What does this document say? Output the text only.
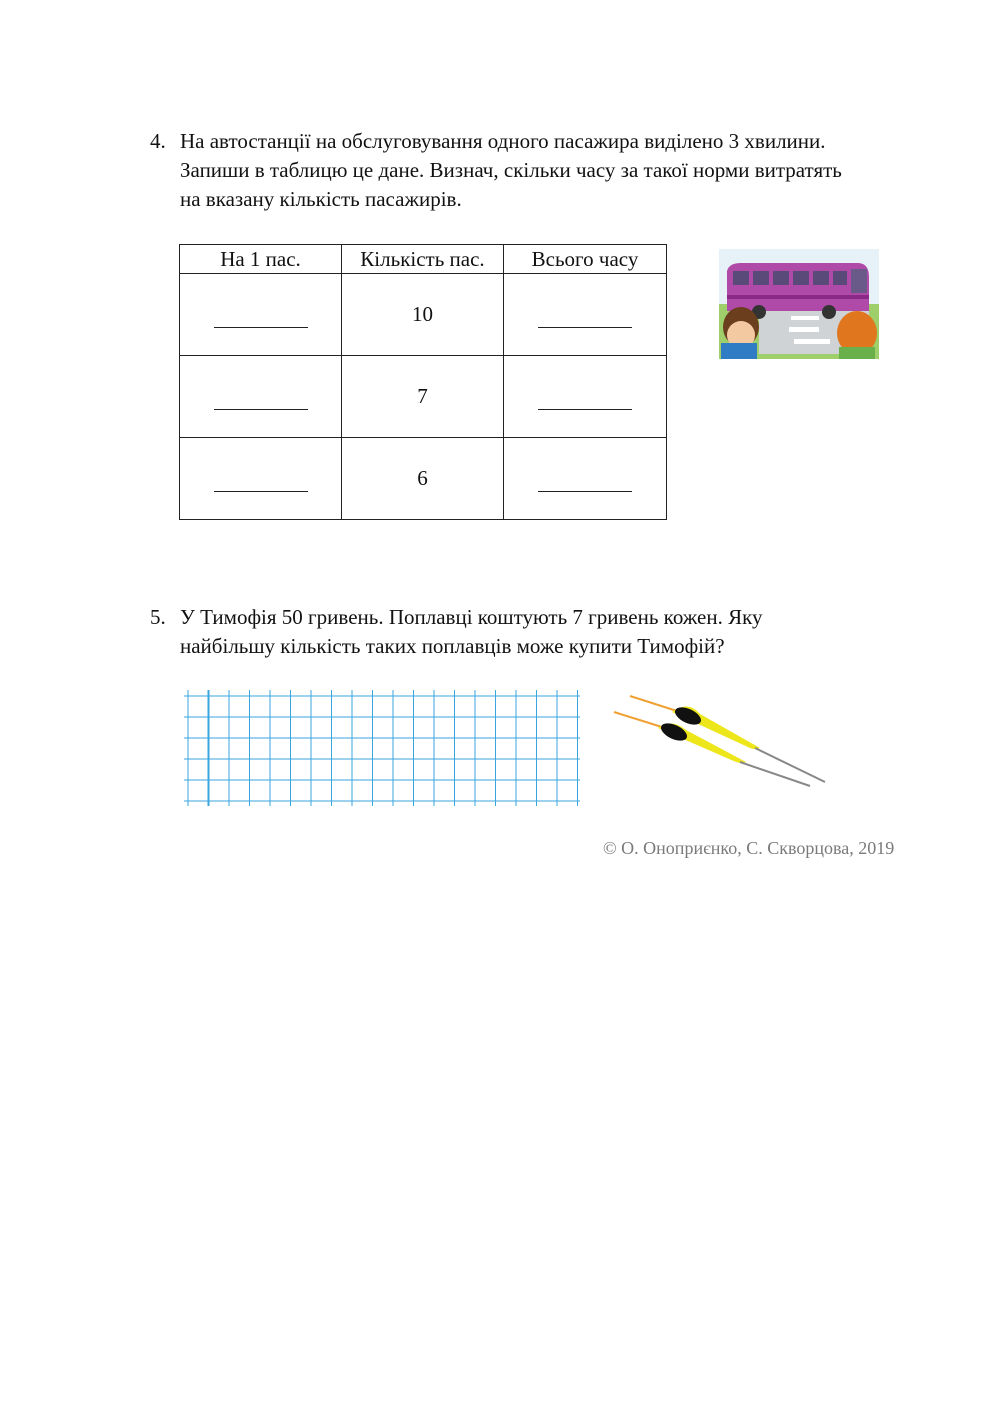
4. На автостанції на обслуговування одного пасажира виділено 3 хвилини.
Запиши в таблицю це дане. Визнач, скільки часу за такої норми витратять
на вказану кількість пасажирів.
На 1 пас.	Кількість пас.	Всього часу
	10	
	7	
	6	
5. У Тимофія 50 гривень. Поплавці коштують 7 гривень кожен. Яку
найбільшу кількість таких поплавців може купити Тимофій?
© О. Оноприєнко, С. Скворцова, 2019
